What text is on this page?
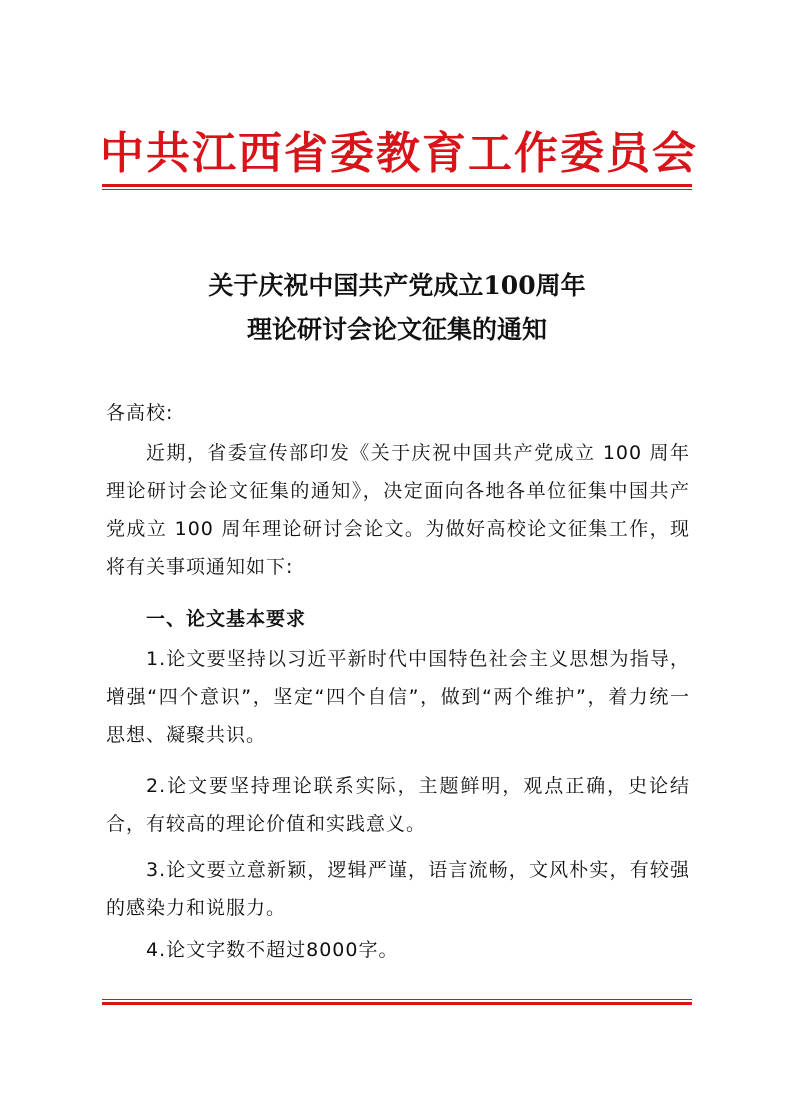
中共江西省委教育工作委员会
关于庆祝中国共产党成立100周年
理论研讨会论文征集的通知
各高校:
近期，省委宣传部印发《关于庆祝中国共产党成立 100 周年理论研讨会论文征集的通知》，决定面向各地各单位征集中国共产党成立 100 周年理论研讨会论文。为做好高校论文征集工作，现将有关事项通知如下:
一、论文基本要求
1.论文要坚持以习近平新时代中国特色社会主义思想为指导，增强“四个意识”，坚定“四个自信”，做到“两个维护”，着力统一思想、凝聚共识。
2.论文要坚持理论联系实际，主题鲜明，观点正确，史论结合，有较高的理论价值和实践意义。
3.论文要立意新颖，逻辑严谨，语言流畅，文风朴实，有较强的感染力和说服力。
4.论文字数不超过8000字。
